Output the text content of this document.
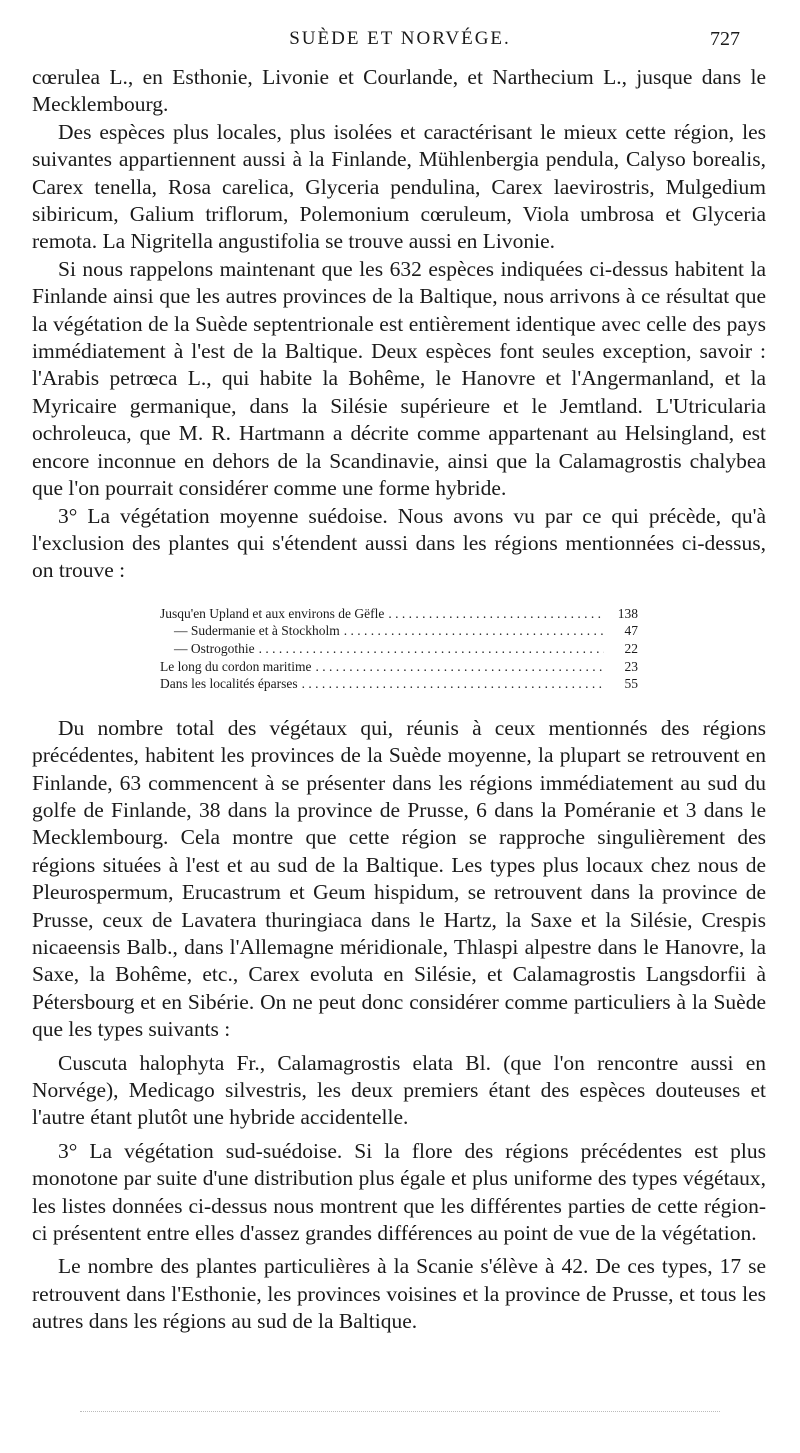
SUÈDE ET NORVÉGE.	727

cœrulea L., en Esthonie, Livonie et Courlande, et Narthecium L., jusque dans le Mecklembourg.

Des espèces plus locales, plus isolées et caractérisant le mieux cette région, les suivantes appartiennent aussi à la Finlande, Mühlenbergia pendula, Calyso borealis, Carex tenella, Rosa carelica, Glyceria pendulina, Carex laevirostris, Mulgedium sibiricum, Galium triflorum, Polemonium cœruleum, Viola umbrosa et Glyceria remota. La Nigritella angustifolia se trouve aussi en Livonie.

Si nous rappelons maintenant que les 632 espèces indiquées ci-dessus habitent la Finlande ainsi que les autres provinces de la Baltique, nous arrivons à ce résultat que la végétation de la Suède septentrionale est entièrement identique avec celle des pays immédiatement à l'est de la Baltique. Deux espèces font seules exception, savoir : l'Arabis petrœca L., qui habite la Bohême, le Hanovre et l'Angermanland, et la Myricaire germanique, dans la Silésie supérieure et le Jemtland. L'Utricularia ochroleuca, que M. R. Hartmann a décrite comme appartenant au Helsingland, est encore inconnue en dehors de la Scandinavie, ainsi que la Calamagrostis chalybea que l'on pourrait considérer comme une forme hybride.

3° La végétation moyenne suédoise. Nous avons vu par ce qui précède, qu'à l'exclusion des plantes qui s'étendent aussi dans les régions mentionnées ci-dessus, on trouve :

Jusqu'en Upland et aux environs de Gëfle . . .	138
— Sudermanie et à Stockholm . . .	47
— Ostrogothie . . .	22
Le long du cordon maritime . . .	23
Dans les localités éparses . . .	55

Du nombre total des végétaux qui, réunis à ceux mentionnés des régions précédentes, habitent les provinces de la Suède moyenne, la plupart se retrouvent en Finlande, 63 commencent à se présenter dans les régions immédiatement au sud du golfe de Finlande, 38 dans la province de Prusse, 6 dans la Poméranie et 3 dans le Mecklembourg. Cela montre que cette région se rapproche singulièrement des régions situées à l'est et au sud de la Baltique. Les types plus locaux chez nous de Pleurospermum, Erucastrum et Geum hispidum, se retrouvent dans la province de Prusse, ceux de Lavatera thuringiaca dans le Hartz, la Saxe et la Silésie, Crespis nicaeensis Balb., dans l'Allemagne méridionale, Thlaspi alpestre dans le Hanovre, la Saxe, la Bohême, etc., Carex evoluta en Silésie, et Calamagrostis Langsdorfii à Pétersbourg et en Sibérie. On ne peut donc considérer comme particuliers à la Suède que les types suivants :

Cuscuta halophyta Fr., Calamagrostis elata Bl. (que l'on rencontre aussi en Norvége), Medicago silvestris, les deux premiers étant des espèces douteuses et l'autre étant plutôt une hybride accidentelle.

3° La végétation sud-suédoise. Si la flore des régions précédentes est plus monotone par suite d'une distribution plus égale et plus uniforme des types végétaux, les listes données ci-dessus nous montrent que les différentes parties de cette région-ci présentent entre elles d'assez grandes différences au point de vue de la végétation.

Le nombre des plantes particulières à la Scanie s'élève à 42. De ces types, 17 se retrouvent dans l'Esthonie, les provinces voisines et la province de Prusse, et tous les autres dans les régions au sud de la Baltique.
